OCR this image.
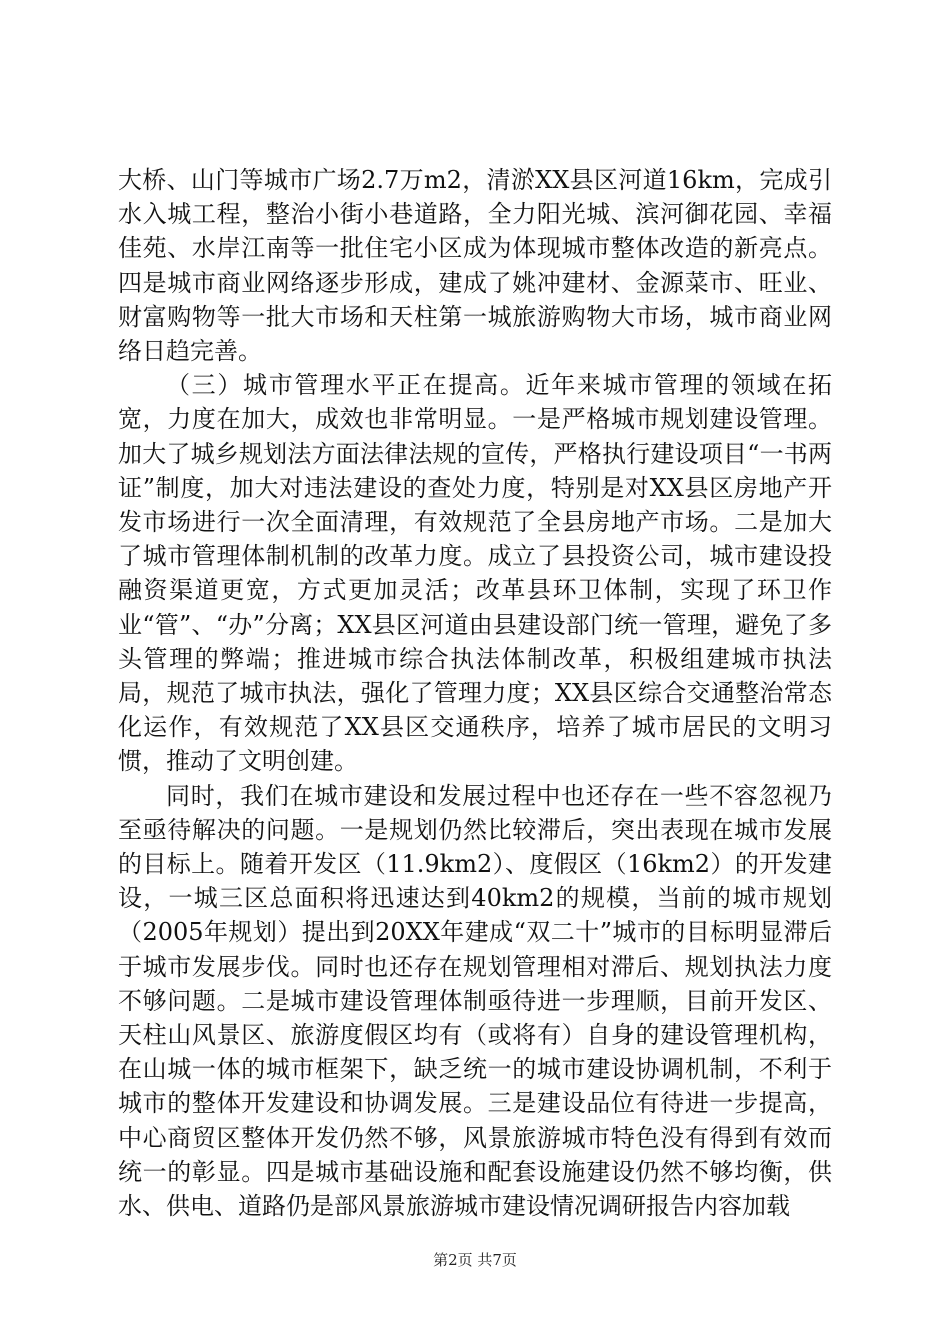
大桥、山门等城市广场2.7万m2，清淤XX县区河道16km，完成引水入城工程，整治小街小巷道路，全力阳光城、滨河御花园、幸福佳苑、水岸江南等一批住宅小区成为体现城市整体改造的新亮点。四是城市商业网络逐步形成，建成了姚冲建材、金源菜市、旺业、财富购物等一批大市场和天柱第一城旅游购物大市场，城市商业网络日趋完善。

（三）城市管理水平正在提高。近年来城市管理的领域在拓宽，力度在加大，成效也非常明显。一是严格城市规划建设管理。加大了城乡规划法方面法律法规的宣传，严格执行建设项目“一书两证”制度，加大对违法建设的查处力度，特别是对XX县区房地产开发市场进行一次全面清理，有效规范了全县房地产市场。二是加大了城市管理体制机制的改革力度。成立了县投资公司，城市建设投融资渠道更宽，方式更加灵活；改革县环卫体制，实现了环卫作业“管”、“办”分离；XX县区河道由县建设部门统一管理，避免了多头管理的弊端；推进城市综合执法体制改革，积极组建城市执法局，规范了城市执法，强化了管理力度；XX县区综合交通整治常态化运作，有效规范了XX县区交通秩序，培养了城市居民的文明习惯，推动了文明创建。

同时，我们在城市建设和发展过程中也还存在一些不容忽视乃至亟待解决的问题。一是规划仍然比较滞后，突出表现在城市发展的目标上。随着开发区（11.9km2）、度假区（16km2）的开发建设，一城三区总面积将迅速达到40km2的规模，当前的城市规划（2005年规划）提出到20XX年建成“双二十”城市的目标明显滞后于城市发展步伐。同时也还存在规划管理相对滞后、规划执法力度不够问题。二是城市建设管理体制亟待进一步理顺，目前开发区、天柱山风景区、旅游度假区均有（或将有）自身的建设管理机构，在山城一体的城市框架下，缺乏统一的城市建设协调机制，不利于城市的整体开发建设和协调发展。三是建设品位有待进一步提高，中心商贸区整体开发仍然不够，风景旅游城市特色没有得到有效而统一的彰显。四是城市基础设施和配套设施建设仍然不够均衡，供水、供电、道路仍是部风景旅游城市建设情况调研报告内容加载

第2页 共7页
